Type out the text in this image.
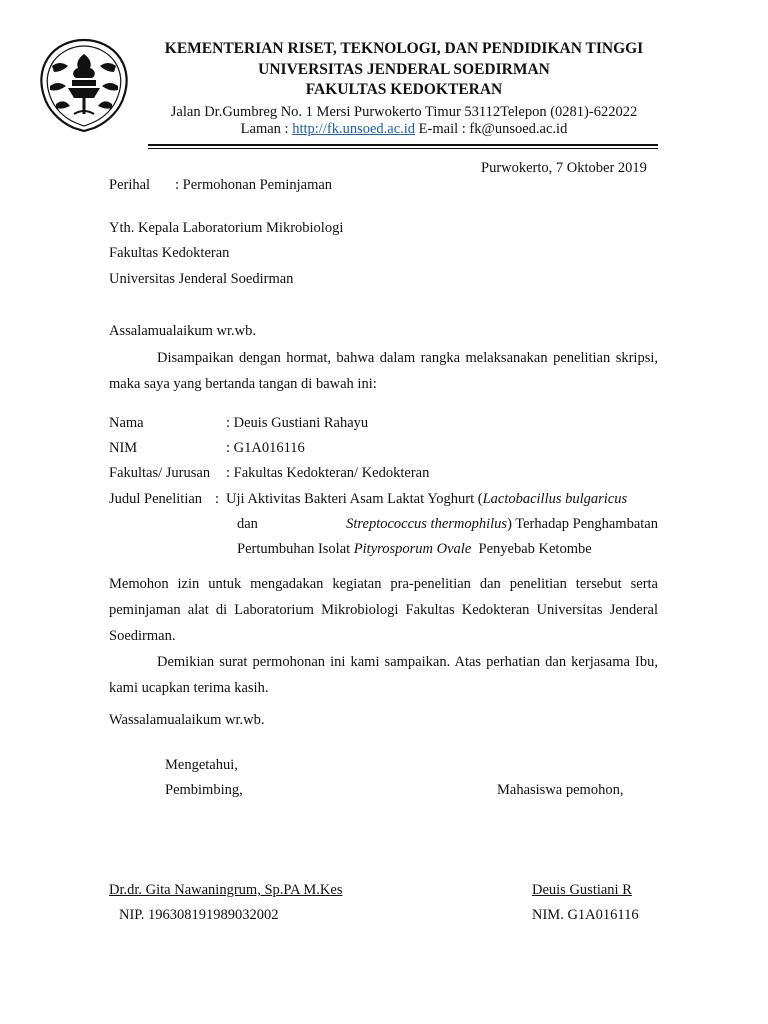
KEMENTERIAN RISET, TEKNOLOGI, DAN PENDIDIKAN TINGGI
UNIVERSITAS JENDERAL SOEDIRMAN
FAKULTAS KEDOKTERAN
Jalan Dr.Gumbreg No. 1 Mersi Purwokerto Timur 53112Telepon (0281)-622022
Laman : http://fk.unsoed.ac.id E-mail : fk@unsoed.ac.id
Purwokerto, 7 Oktober 2019
Perihal : Permohonan Peminjaman
Yth. Kepala Laboratorium Mikrobiologi
Fakultas Kedokteran
Universitas Jenderal Soedirman
Assalamualaikum wr.wb.
Disampaikan dengan hormat, bahwa dalam rangka melaksanakan penelitian skripsi, maka saya yang bertanda tangan di bawah ini:
Nama	: Deuis Gustiani Rahayu
NIM	: G1A016116
Fakultas/ Jurusan : Fakultas Kedokteran/ Kedokteran
Judul Penelitian : Uji Aktivitas Bakteri Asam Laktat Yoghurt (Lactobacillus bulgaricus
dan	Streptococcus thermophilus) Terhadap Penghambatan
Pertumbuhan Isolat Pityrosporum Ovale  Penyebab Ketombe
Memohon izin untuk mengadakan kegiatan pra-penelitian dan penelitian tersebut serta peminjaman alat di Laboratorium Mikrobiologi Fakultas Kedokteran Universitas Jenderal Soedirman.
Demikian surat permohonan ini kami sampaikan. Atas perhatian dan kerjasama Ibu, kami ucapkan terima kasih.
Wassalamualaikum wr.wb.
Mengetahui,
Pembimbing,	Mahasiswa pemohon,
Dr.dr. Gita Nawaningrum, Sp.PA M.Kes
NIP. 196308191989032002
Deuis Gustiani R
NIM. G1A016116
